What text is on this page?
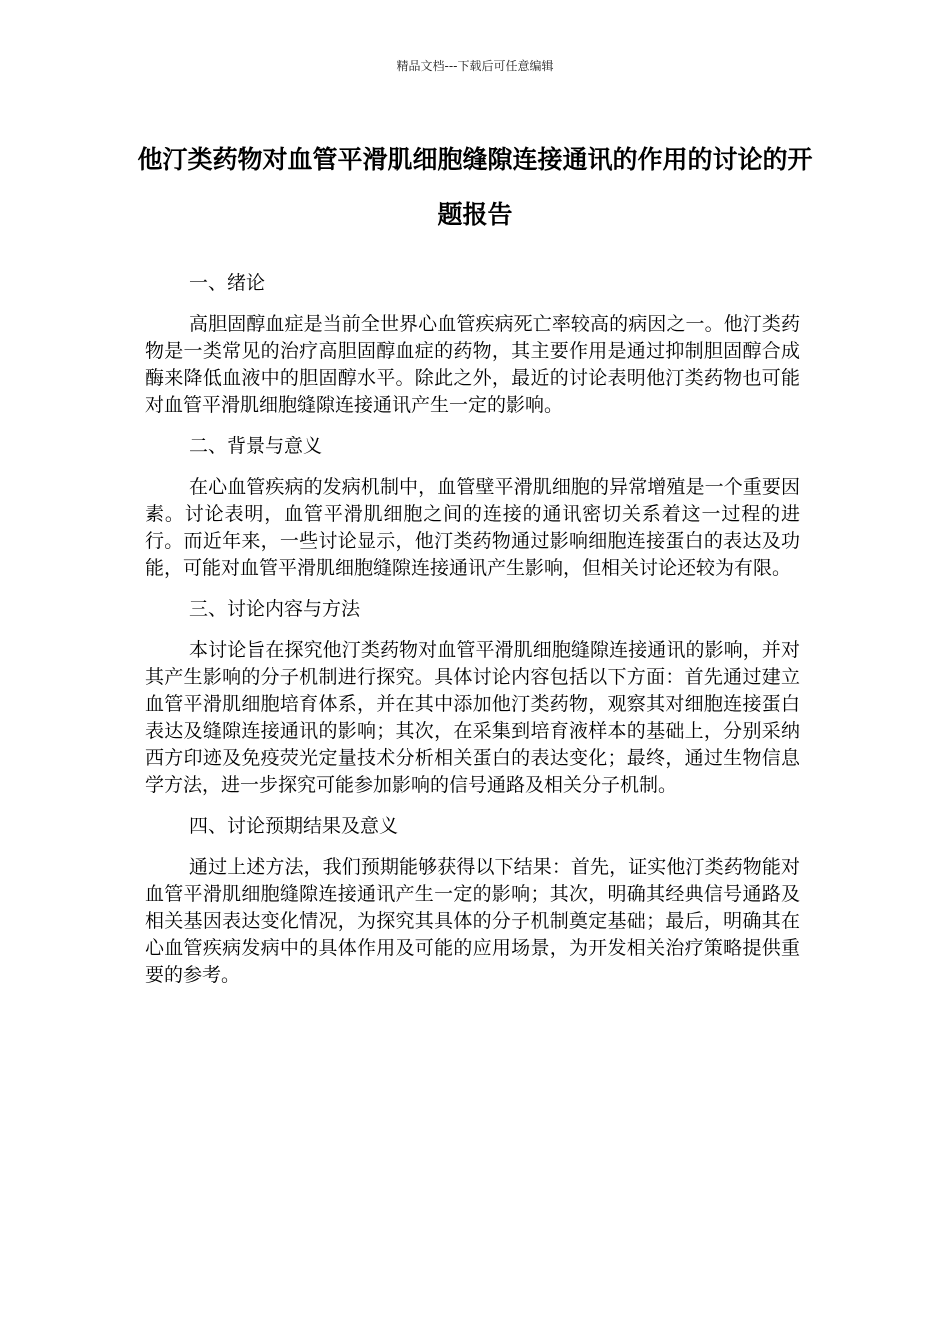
精品文档---下载后可任意编辑
他汀类药物对血管平滑肌细胞缝隙连接通讯的作用的讨论的开题报告

一、绪论

高胆固醇血症是当前全世界心血管疾病死亡率较高的病因之一。他汀类药物是一类常见的治疗高胆固醇血症的药物，其主要作用是通过抑制胆固醇合成酶来降低血液中的胆固醇水平。除此之外，最近的讨论表明他汀类药物也可能对血管平滑肌细胞缝隙连接通讯产生一定的影响。

二、背景与意义

在心血管疾病的发病机制中，血管壁平滑肌细胞的异常增殖是一个重要因素。讨论表明，血管平滑肌细胞之间的连接的通讯密切关系着这一过程的进行。而近年来，一些讨论显示，他汀类药物通过影响细胞连接蛋白的表达及功能，可能对血管平滑肌细胞缝隙连接通讯产生影响，但相关讨论还较为有限。

三、讨论内容与方法

本讨论旨在探究他汀类药物对血管平滑肌细胞缝隙连接通讯的影响，并对其产生影响的分子机制进行探究。具体讨论内容包括以下方面：首先通过建立血管平滑肌细胞培育体系，并在其中添加他汀类药物，观察其对细胞连接蛋白表达及缝隙连接通讯的影响；其次，在采集到培育液样本的基础上，分别采纳西方印迹及免疫荧光定量技术分析相关蛋白的表达变化；最终，通过生物信息学方法，进一步探究可能参加影响的信号通路及相关分子机制。

四、讨论预期结果及意义

通过上述方法，我们预期能够获得以下结果：首先，证实他汀类药物能对血管平滑肌细胞缝隙连接通讯产生一定的影响；其次，明确其经典信号通路及相关基因表达变化情况，为探究其具体的分子机制奠定基础；最后，明确其在心血管疾病发病中的具体作用及可能的应用场景，为开发相关治疗策略提供重要的参考。
